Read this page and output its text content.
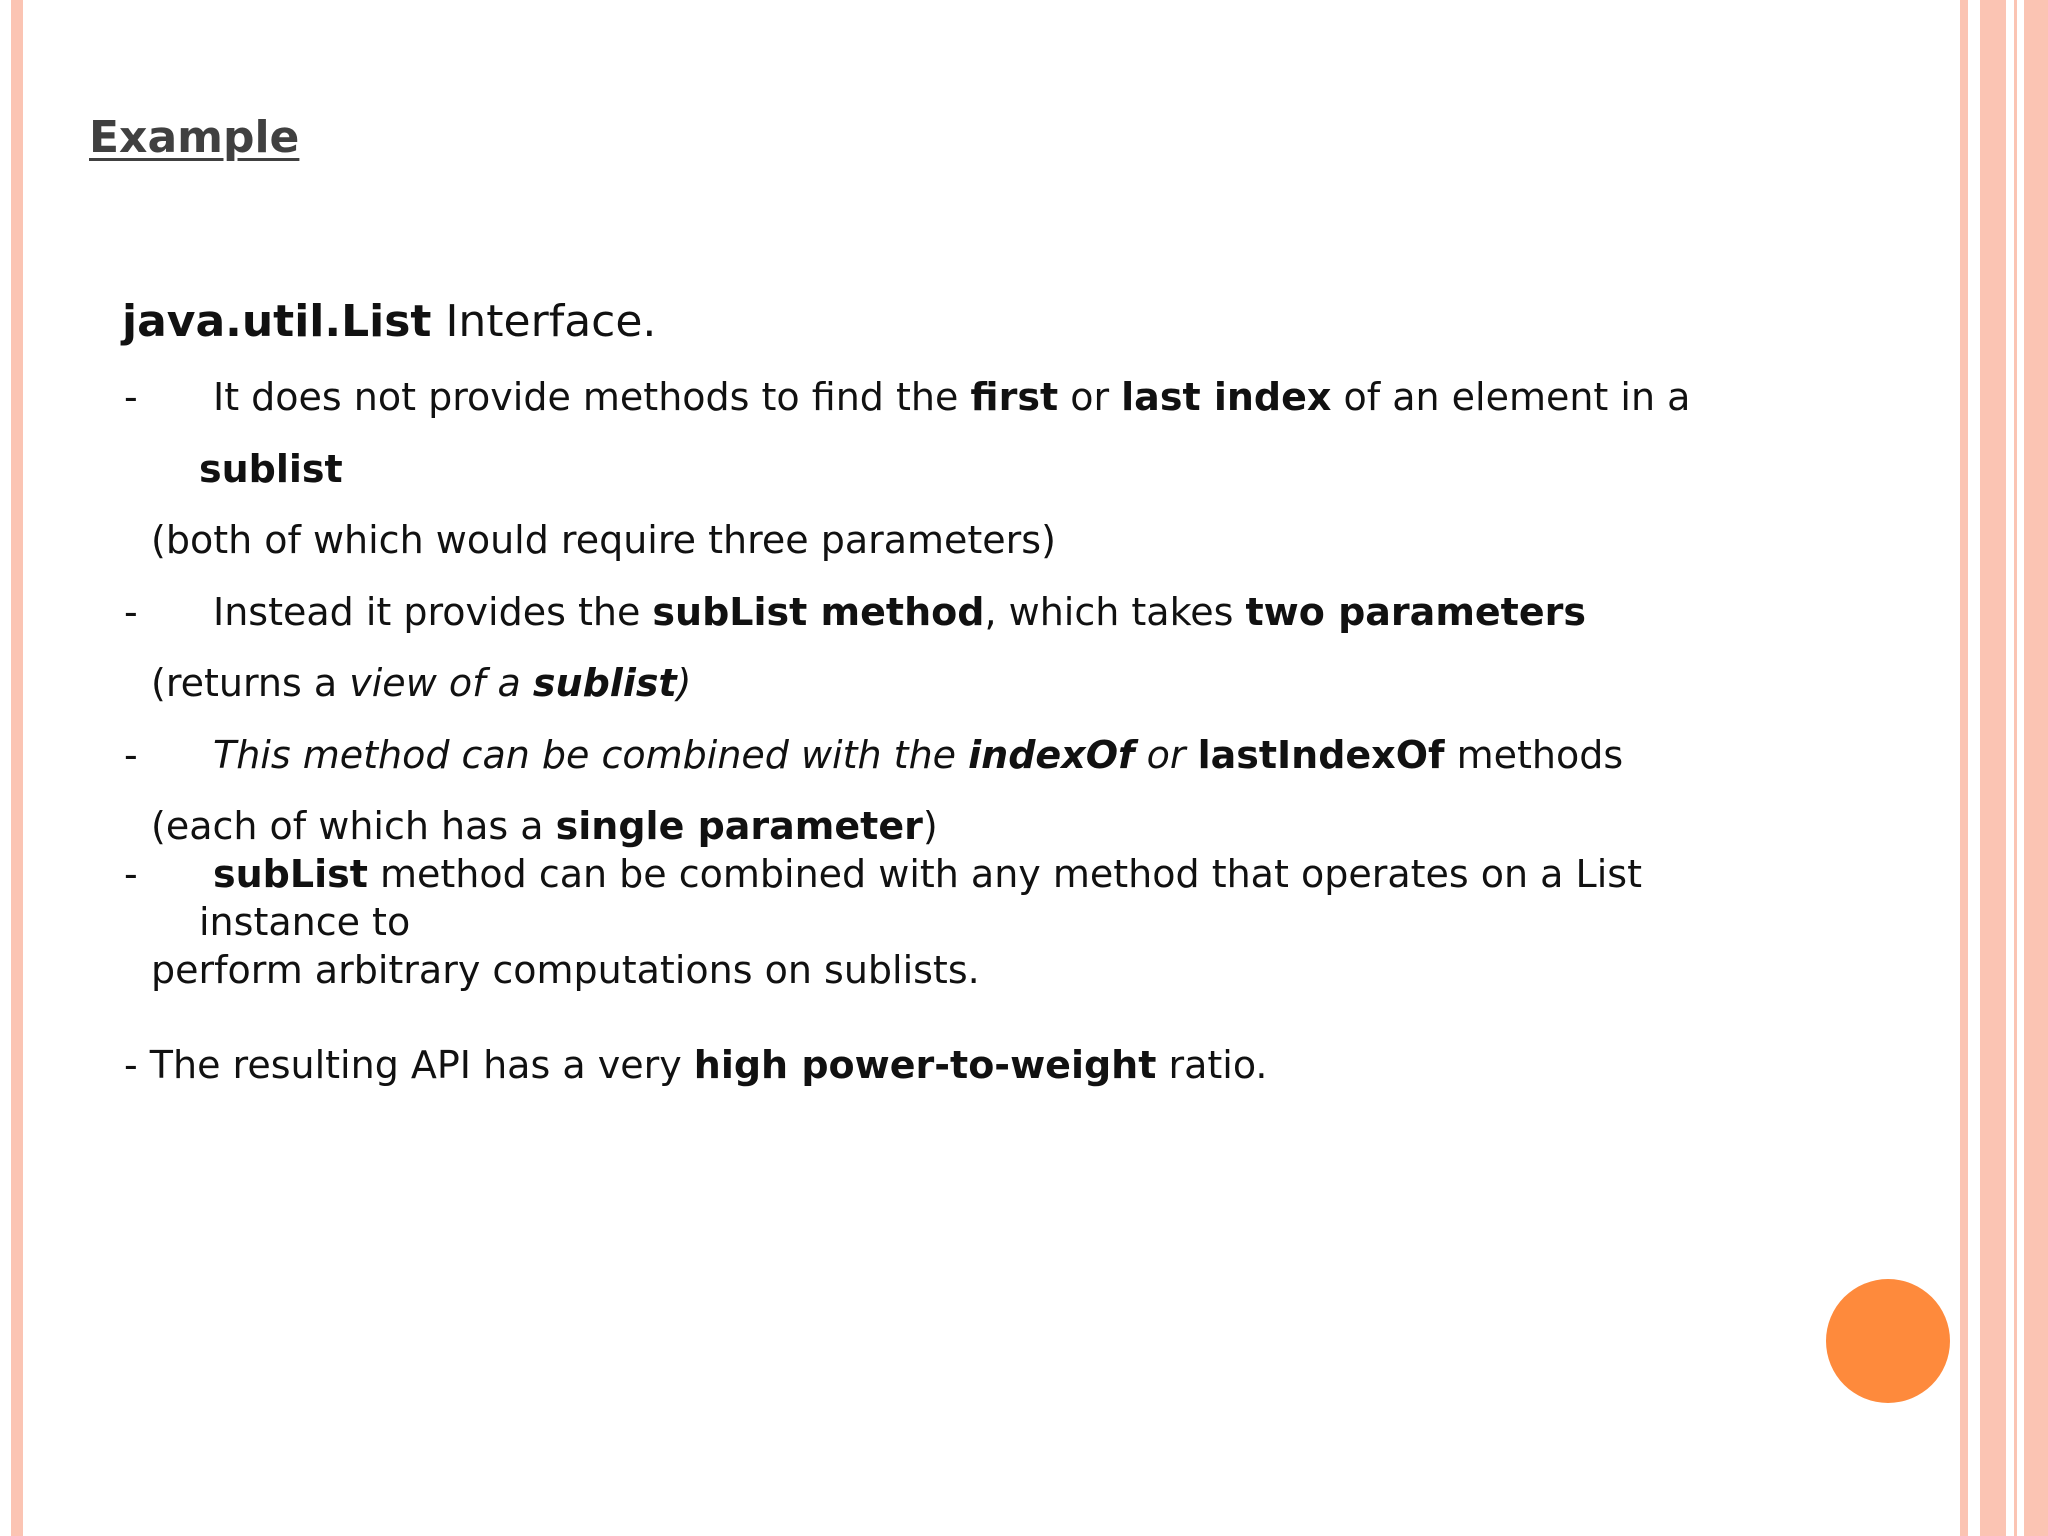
Example
java.util.List Interface.
- It does not provide methods to find the first or last index of an element in a
sublist
(both of which would require three parameters)
- Instead it provides the subList method, which takes two parameters
(returns a view of a sublist)
- This method can be combined with the indexOf or lastIndexOf methods
(each of which has a single parameter)
- subList method can be combined with any method that operates on a List
instance to
perform arbitrary computations on sublists.
- The resulting API has a very high power-to-weight ratio.
